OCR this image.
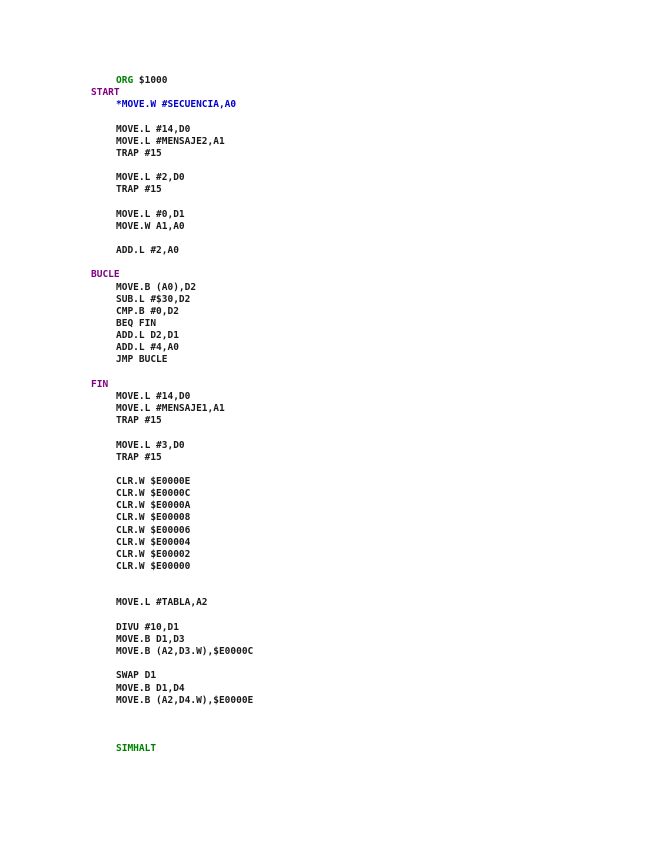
ORG $1000
START
*MOVE.W #SECUENCIA,A0
MOVE.L #14,D0
MOVE.L #MENSAJE2,A1
TRAP #15
MOVE.L #2,D0
TRAP #15
MOVE.L #0,D1
MOVE.W A1,A0
ADD.L #2,A0
BUCLE
MOVE.B (A0),D2
SUB.L #$30,D2
CMP.B #0,D2
BEQ FIN
ADD.L D2,D1
ADD.L #4,A0
JMP BUCLE
FIN
MOVE.L #14,D0
MOVE.L #MENSAJE1,A1
TRAP #15
MOVE.L #3,D0
TRAP #15
CLR.W $E0000E
CLR.W $E0000C
CLR.W $E0000A
CLR.W $E00008
CLR.W $E00006
CLR.W $E00004
CLR.W $E00002
CLR.W $E00000
MOVE.L #TABLA,A2
DIVU #10,D1
MOVE.B D1,D3
MOVE.B (A2,D3.W),$E0000C
SWAP D1
MOVE.B D1,D4
MOVE.B (A2,D4.W),$E0000E
SIMHALT
